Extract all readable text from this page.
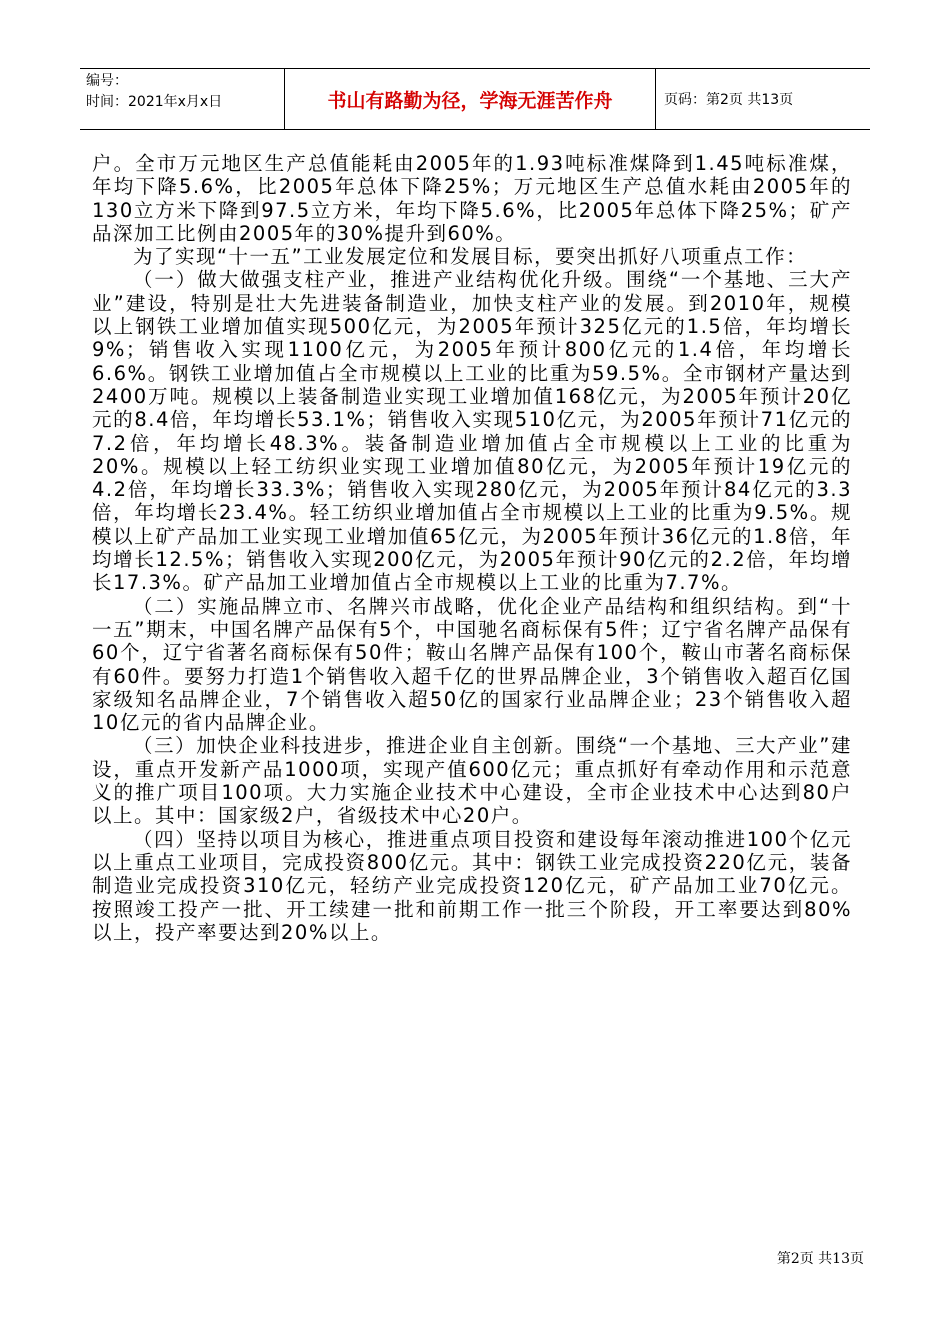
编号：
时间：2021年x月x日	书山有路勤为径，学海无涯苦作舟	页码：第2页 共13页

户。全市万元地区生产总值能耗由2005年的1.93吨标准煤降到1.45吨标准煤，年均下降5.6%，比2005年总体下降25%；万元地区生产总值水耗由2005年的130立方米下降到97.5立方米，年均下降5.6%，比2005年总体下降25%；矿产品深加工比例由2005年的30%提升到60%。

为了实现“十一五”工业发展定位和发展目标，要突出抓好八项重点工作：

（一）做大做强支柱产业，推进产业结构优化升级。围绕“一个基地、三大产业”建设，特别是壮大先进装备制造业，加快支柱产业的发展。到2010年，规模以上钢铁工业增加值实现500亿元，为2005年预计325亿元的1.5倍，年均增长9%；销售收入实现1100亿元，为2005年预计800亿元的1.4倍，年均增长6.6%。钢铁工业增加值占全市规模以上工业的比重为59.5%。全市钢材产量达到2400万吨。规模以上装备制造业实现工业增加值168亿元，为2005年预计20亿元的8.4倍，年均增长53.1%；销售收入实现510亿元，为2005年预计71亿元的7.2倍，年均增长48.3%。装备制造业增加值占全市规模以上工业的比重为20%。规模以上轻工纺织业实现工业增加值80亿元，为2005年预计19亿元的4.2倍，年均增长33.3%；销售收入实现280亿元，为2005年预计84亿元的3.3倍，年均增长23.4%。轻工纺织业增加值占全市规模以上工业的比重为9.5%。规模以上矿产品加工业实现工业增加值65亿元，为2005年预计36亿元的1.8倍，年均增长12.5%；销售收入实现200亿元，为2005年预计90亿元的2.2倍，年均增长17.3%。矿产品加工业增加值占全市规模以上工业的比重为7.7%。

（二）实施品牌立市、名牌兴市战略，优化企业产品结构和组织结构。到“十一五”期末，中国名牌产品保有5个，中国驰名商标保有5件；辽宁省名牌产品保有60个，辽宁省著名商标保有50件；鞍山名牌产品保有100个，鞍山市著名商标保有60件。要努力打造1个销售收入超千亿的世界品牌企业，3个销售收入超百亿国家级知名品牌企业，7个销售收入超50亿的国家行业品牌企业；23个销售收入超10亿元的省内品牌企业。

（三）加快企业科技进步，推进企业自主创新。围绕“一个基地、三大产业”建设，重点开发新产品1000项，实现产值600亿元；重点抓好有牵动作用和示范意义的推广项目100项。大力实施企业技术中心建设，全市企业技术中心达到80户以上。其中：国家级2户，省级技术中心20户。

（四）坚持以项目为核心，推进重点项目投资和建设每年滚动推进100个亿元以上重点工业项目，完成投资800亿元。其中：钢铁工业完成投资220亿元，装备制造业完成投资310亿元，轻纺产业完成投资120亿元，矿产品加工业70亿元。按照竣工投产一批、开工续建一批和前期工作一批三个阶段，开工率要达到80%以上，投产率要达到20%以上。

第2页 共13页
